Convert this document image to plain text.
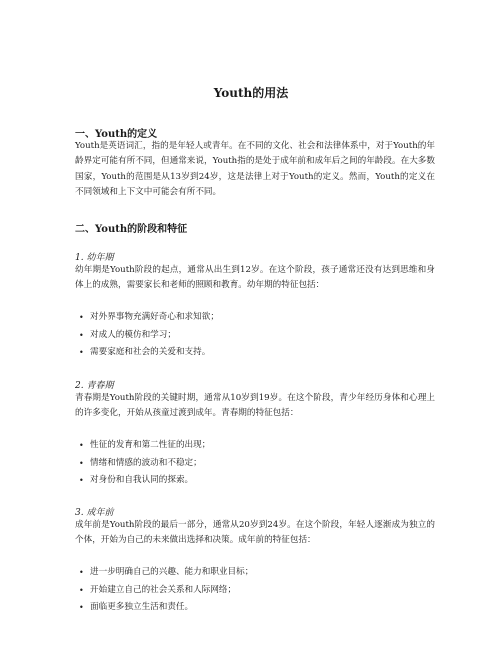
Youth的用法
一、Youth的定义
Youth是英语词汇，指的是年轻人或青年。在不同的文化、社会和法律体系中，对于Youth的年龄界定可能有所不同，但通常来说，Youth指的是处于成年前和成年后之间的年龄段。在大多数国家，Youth的范围是从13岁到24岁，这是法律上对于Youth的定义。然而，Youth的定义在不同领域和上下文中可能会有所不同。
二、Youth的阶段和特征
1. 幼年期
幼年期是Youth阶段的起点，通常从出生到12岁。在这个阶段，孩子通常还没有达到思维和身体上的成熟，需要家长和老师的照顾和教育。幼年期的特征包括：
• 对外界事物充满好奇心和求知欲；
• 对成人的模仿和学习；
• 需要家庭和社会的关爱和支持。
2. 青春期
青春期是Youth阶段的关键时期，通常从10岁到19岁。在这个阶段，青少年经历身体和心理上的许多变化，开始从孩童过渡到成年。青春期的特征包括：
• 性征的发育和第二性征的出现；
• 情绪和情感的波动和不稳定；
• 对身份和自我认同的探索。
3. 成年前
成年前是Youth阶段的最后一部分，通常从20岁到24岁。在这个阶段，年轻人逐渐成为独立的个体，开始为自己的未来做出选择和决策。成年前的特征包括：
• 进一步明确自己的兴趣、能力和职业目标；
• 开始建立自己的社会关系和人际网络；
• 面临更多独立生活和责任。
